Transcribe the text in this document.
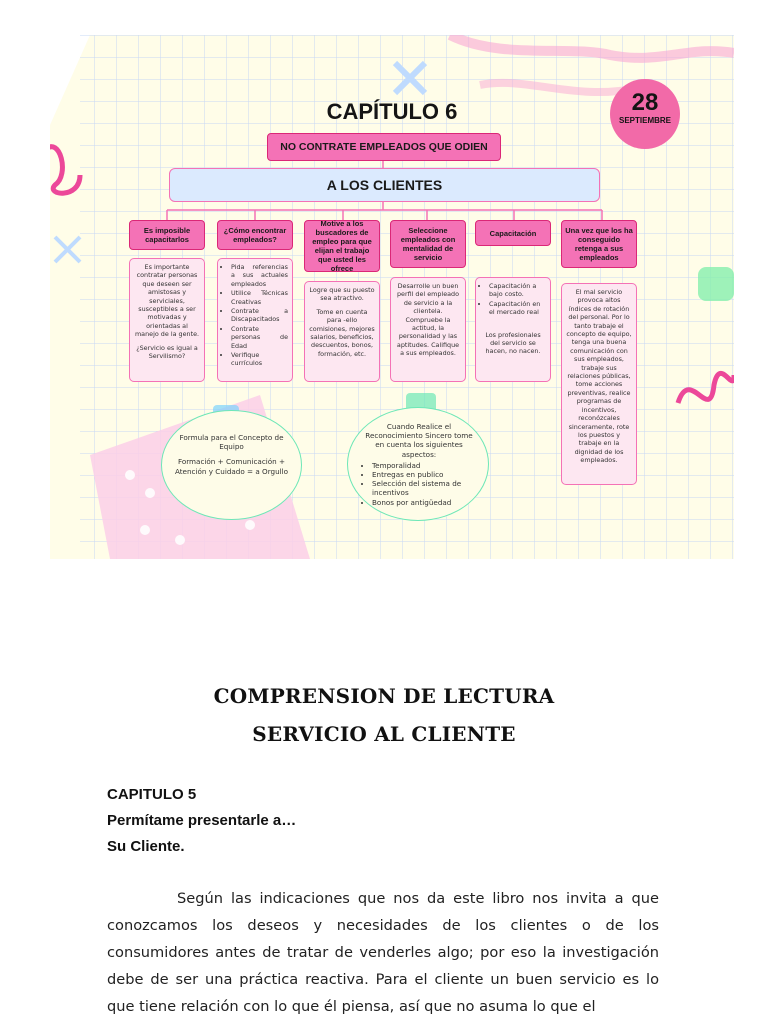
CAPÍTULO 6	28
SEPTIEMBRE
NO CONTRATE EMPLEADOS QUE ODIEN
A LOS CLIENTES
Es imposible capacitarlos

Es importante contratar personas que deseen ser amistosas y serviciales, susceptibles a ser motivadas y orientadas al manejo de la gente.

¿Servicio es igual a Servilismo?

¿Cómo encontrar empleados?
• Pida referencias a sus actuales empleados
• Utilice Técnicas Creativas
• Contrate a Discapacitados
• Contrate personas de Edad
• Verifique currículos
Motive a los buscadores de empleo para que elijan el trabajo que usted les ofrece

Logre que su puesto sea atractivo.

Tome en cuenta para -ello comisiones, mejores salarios, beneficios, descuentos, bonos, formación, etc.

Seleccione empleados con mentalidad de servicio

Desarrolle un buen perfil del empleado de servicio a la clientela. Compruebe la actitud, la personalidad y las aptitudes. Califique a sus empleados.

Capacitación
• Capacitación a bajo costo.
• Capacitación en el mercado real

Los profesionales del servicio se hacen, no nacen.

Una vez que los ha conseguido retenga a sus empleados

El mal servicio provoca altos índices de rotación del personal. Por lo tanto trabaje el concepto de equipo, tenga una buena comunicación con sus empleados, trabaje sus relaciones públicas, tome acciones preventivas, realice programas de incentivos, reconózcales sinceramente, rote los puestos y trabaje en la dignidad de los empleados.

Formula para el Concepto de Equipo

Formación + Comunicación + Atención y Cuidado = a Orgullo

Cuando Realice el Reconocimiento Sincero tome en cuenta los siguientes aspectos:

• Temporalidad
• Entregas en publico
• Selección del sistema de incentivos
• Bonos por antigüedad
COMPRENSION DE LECTURA
SERVICIO AL CLIENTE
CAPITULO 5
Permítame presentarle a…
Su Cliente.

Según las indicaciones que nos da este libro nos invita a que conozcamos los deseos y necesidades de los clientes o de los consumidores antes de tratar de venderles algo; por eso la investigación debe de ser una práctica reactiva. Para el cliente un buen servicio es lo que tiene relación con lo que él piensa, así que no asuma lo que el
